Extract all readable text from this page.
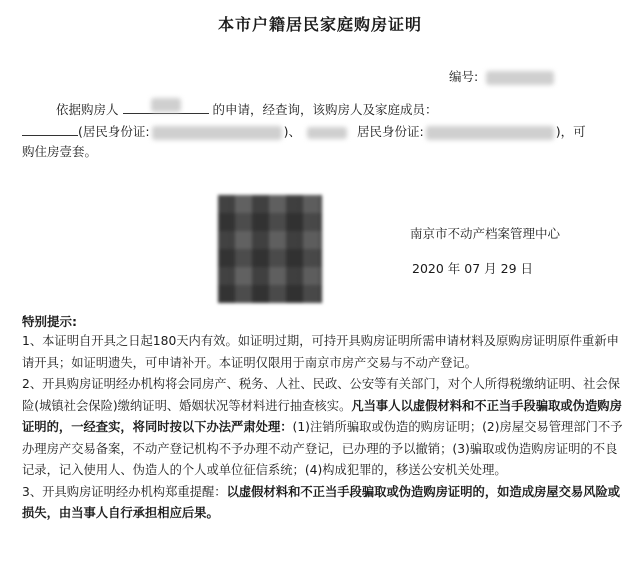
本市户籍居民家庭购房证明
编号:
依据购房人	的申请，经查询，该购房人及家庭成员：
(居民身份证:	)、	居民身份证:	)，可
购住房壹套。
南京市不动产档案管理中心
2020 年 07 月 29 日
特别提示:

1、本证明自开具之日起180天内有效。如证明过期，可持开具购房证明所需申请材料及原购房证明原件重新申请开具；如证明遗失，可申请补开。本证明仅限用于南京市房产交易与不动产登记。

2、开具购房证明经办机构将会同房产、税务、人社、民政、公安等有关部门，对个人所得税缴纳证明、社会保险(城镇社会保险)缴纳证明、婚姻状况等材料进行抽查核实。凡当事人以虚假材料和不正当手段骗取或伪造购房证明的，一经查实，将同时按以下办法严肃处理：(1)注销所骗取或伪造的购房证明；(2)房屋交易管理部门不予办理房产交易备案，不动产登记机构不予办理不动产登记，已办理的予以撤销；(3)骗取或伪造购房证明的不良记录，记入使用人、伪造人的个人或单位征信系统；(4)构成犯罪的，移送公安机关处理。

3、开具购房证明经办机构郑重提醒：以虚假材料和不正当手段骗取或伪造购房证明的，如造成房屋交易风险或损失，由当事人自行承担相应后果。
